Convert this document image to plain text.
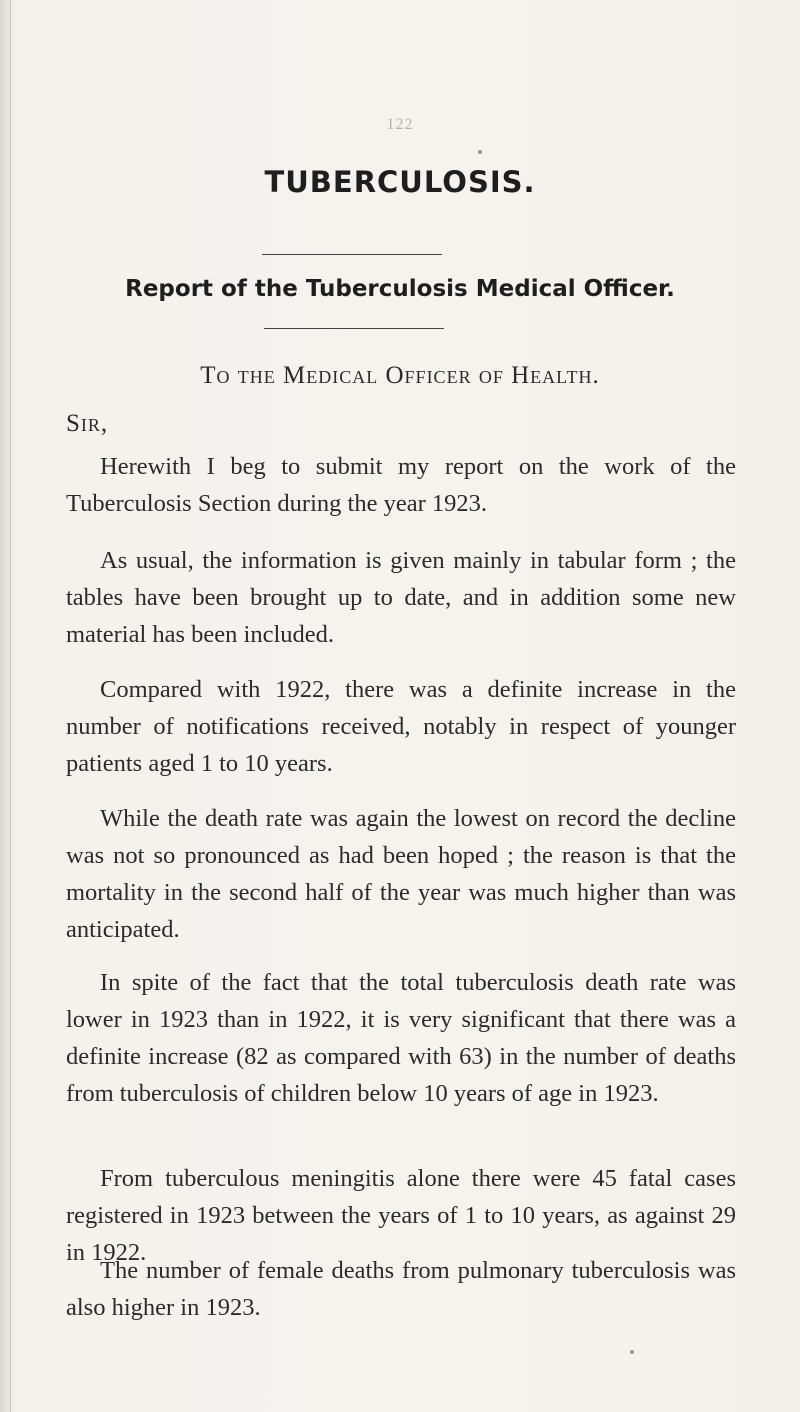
122
TUBERCULOSIS.
Report of the Tuberculosis Medical Officer.
To the Medical Officer of Health.
Sir,

Herewith I beg to submit my report on the work of the Tuberculosis Section during the year 1923.

As usual, the information is given mainly in tabular form ; the tables have been brought up to date, and in addition some new material has been included.

Compared with 1922, there was a definite increase in the number of notifications received, notably in respect of younger patients aged 1 to 10 years.

While the death rate was again the lowest on record the decline was not so pronounced as had been hoped ; the reason is that the mortality in the second half of the year was much higher than was anticipated.

In spite of the fact that the total tuberculosis death rate was lower in 1923 than in 1922, it is very significant that there was a definite increase (82 as compared with 63) in the number of deaths from tuberculosis of children below 10 years of age in 1923.

From tuberculous meningitis alone there were 45 fatal cases registered in 1923 between the years of 1 to 10 years, as against 29 in 1922.

The number of female deaths from pulmonary tuberculosis was also higher in 1923.
